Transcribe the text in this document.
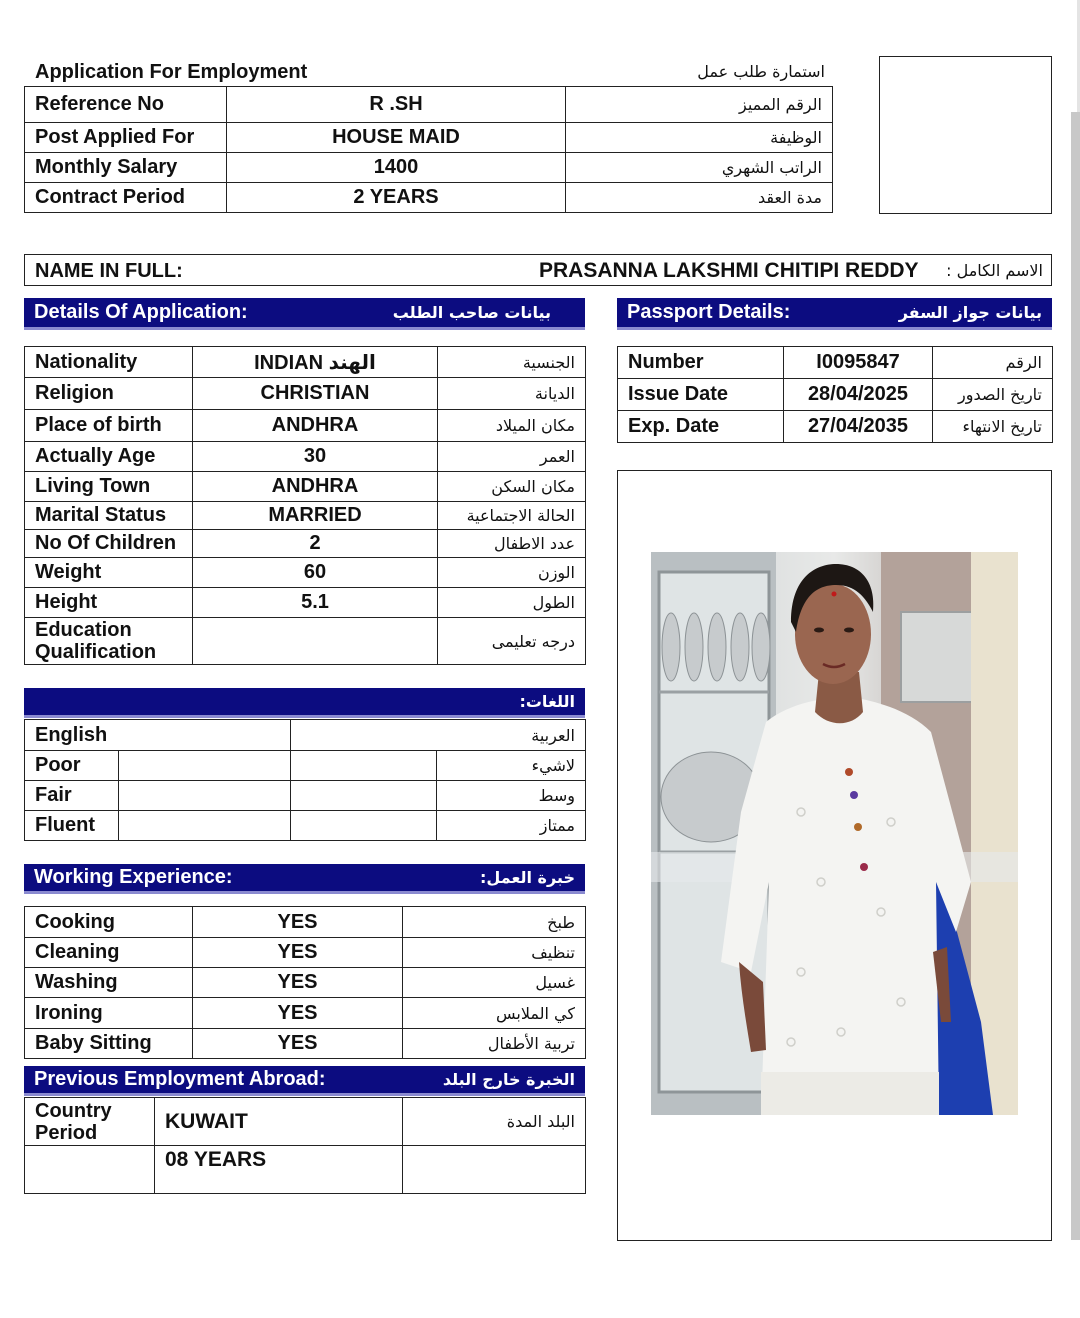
Application For Employment	استمارة طلب عمل
Reference No	R .SH	الرقم المميز
Post Applied For	HOUSE MAID	الوظيفة
Monthly Salary	1400	الراتب الشهري
Contract Period	2 YEARS	مدة العقد
NAME IN FULL:	PRASANNA LAKSHMI CHITIPI REDDY الاسم الكامل :
Details Of Application:	بيانات صاحب الطلب	Passport Details:	بيانات جواز السفر
Nationality	INDIAN الهند	الجنسية
Religion	CHRISTIAN	الديانة
Place of birth	ANDHRA	مكان الميلاد
Actually Age	30	العمر
Living Town	ANDHRA	مكان السكن
Marital Status	MARRIED	الحالة الاجتماعية
No Of Children	2	عدد الاطفال
Weight	60	الوزن
Height	5.1	الطول
Education Qualification		درجه تعليمى
Number	I0095847	الرقم
Issue Date	28/04/2025	تاريخ الصدور
Exp. Date	27/04/2035	تاريخ الانتهاء
اللغات:
English		العربية	
Poor			لاشيء
Fair			وسط
Fluent			ممتاز
Working Experience:	خبرة العمل:
Cooking	YES	طبخ
Cleaning	YES	تنظيف
Washing	YES	غسيل
Ironing	YES	كي الملابس
Baby Sitting	YES	تربية الأطفال
Previous Employment Abroad:	الخبرة خارج البلد
Country Period	KUWAIT	البلد المدة
	08 YEARS	
